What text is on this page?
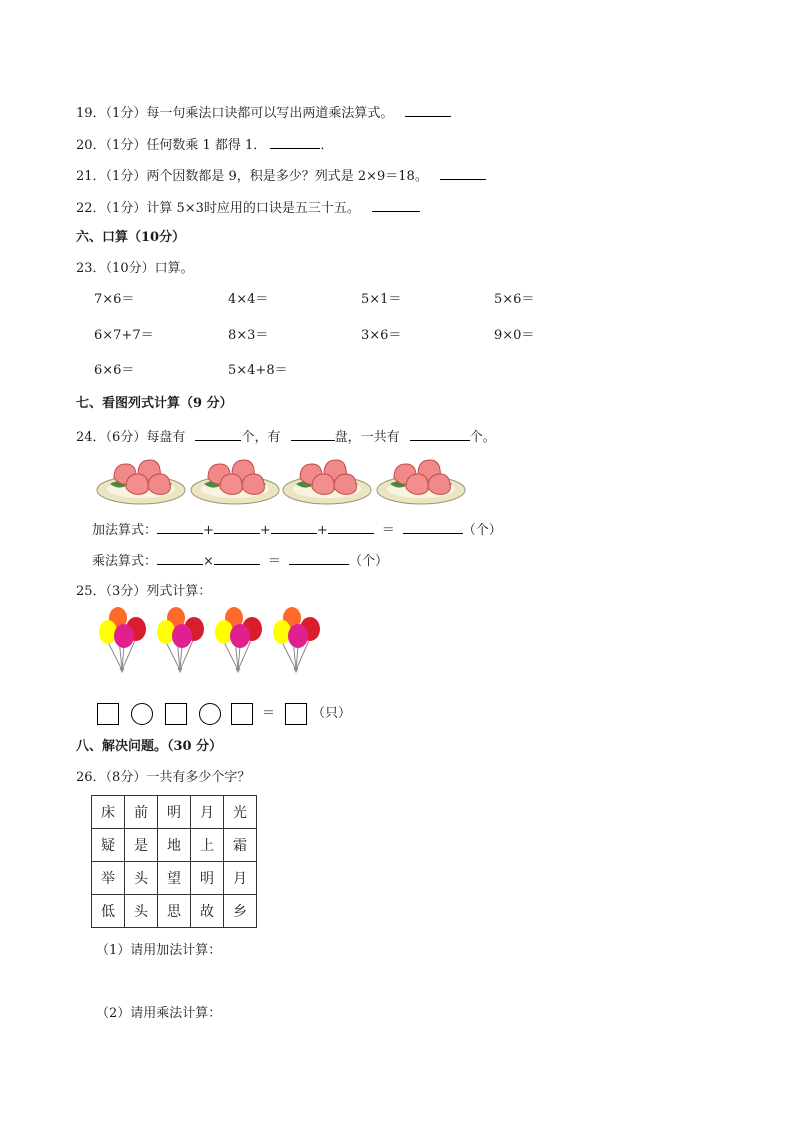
19．（1分）每一句乘法口诀都可以写出两道乘法算式。
20．（1分）任何数乘 1 都得 1．	．
21．（1分）两个因数都是 9，积是多少？列式是 2×9＝18。
22．（1分）计算 5×3时应用的口诀是五三十五。
六、口算（10分）
23．（10分）口算。
7×6＝	4×4＝	5×1＝	5×6＝
6×7+7＝	8×3＝	3×6＝	9×0＝
6×6＝	5×4+8＝
七、看图列式计算（9 分）
24．（6分）每盘有	个，有	盘，一共有	个。
加法算式：	+	+	+	＝	（个）
乘法算式：	×	＝	（个）
25．（3分）列式计算：
＝	（只）
八、解决问题。（30 分）
26．（8分）一共有多少个字？
床	前	明	月	光
疑	是	地	上	霜
举	头	望	明	月
低	头	思	故	乡
（1）请用加法计算：
（2）请用乘法计算：
